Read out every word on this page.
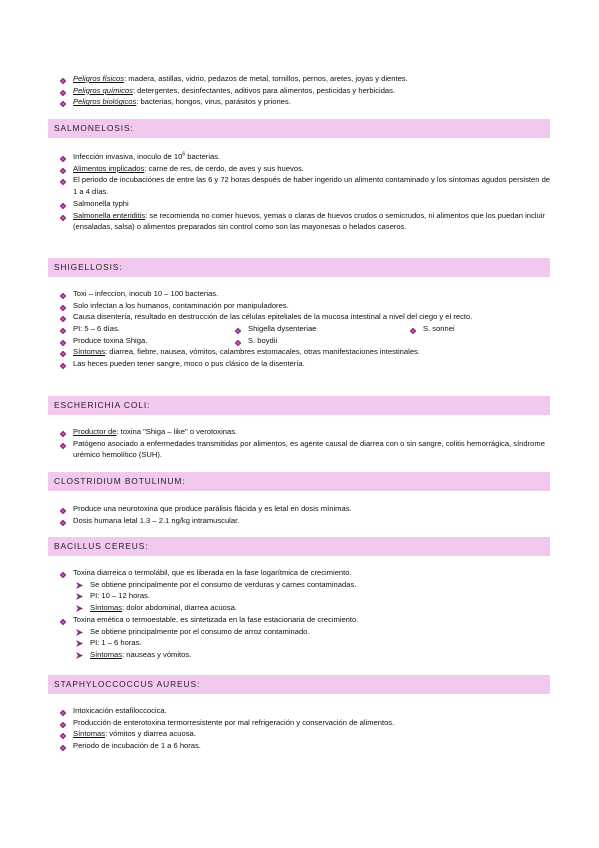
Peligros físicos: madera, astillas, vidrio, pedazos de metal, tornillos, pernos, aretes, joyas y dientes.
Peligros químicos: detergentes, desinfectantes, aditivos para alimentos, pesticidas y herbicidas.
Peligros biológicos: bacterias, hongos, virus, parásitos y priones.
SALMONELOSIS:
Infección invasiva, inoculo de $10^6$ bacterias.
Alimentos implicados: carne de res, de cerdo, de aves y sus huevos.
El periodo de incubaciónes de entre las 6 y 72 horas después de haber ingerido un alimento contaminado y los síntomas agudos persisten de 1 a 4 días.
Salmonella typhi
Salmonella enteriditis: se recomienda no comer huevos, yemas o claras de huevos crudos o semicrudos, ni alimentos que los puedan incluir (ensaladas, salsa) o alimentos preparados sin control como son las mayonesas o helados caseros.
SHIGELLOSIS:
Toxi – infeccion, inocub 10 – 100 bacterias.
Solo infectan a los humanos, contaminación por manipuladores.
Causa disentería, resultado en destrucción de las células epiteliales de la mucosa intestinal a nivel del ciego y el recto.
PI: 5 – 6 días.	Shigella dysenteriae	S. sonnei
Produce toxina Shiga.	S. boydii
Síntomas: diarrea, fiebre, nausea, vómitos, calambres estomacales, otras manifestaciones intestinales.
Las heces pueden tener sangre, moco o pus clásico de la disentería.
ESCHERICHIA COLI:
Productor de: toxina "Shiga – like" o verotoxinas.
Patógeno asociado a enfermedades transmitidas por alimentos, es agente causal de diarrea con o sin sangre, colitis hemorrágica, síndrome urémico hemolítico (SUH).
CLOSTRIDIUM BOTULINUM:
Produce una neurotoxina que produce parálisis flácida y es letal en dosis mínimas.
Dosis humana letal 1.3 – 2.1 ng/kg intramuscular.
BACILLUS CEREUS:
Toxina diarreica o termolábil, que es liberada en la fase logarítmica de crecimiento.
Se obtiene principalmente por el consumo de verduras y carnes contaminadas.
PI: 10 – 12 horas.
Síntomas: dolor abdominal, diarrea acuosa.
Toxina emética o termoestable, es sintetizada en la fase estacionaria de crecimiento.
Se obtiene principalmente por el consumo de arroz contaminado.
PI: 1 – 6 horas.
Síntomas: nauseas y vómitos.
STAPHYLOCCOCCUS AUREUS:
Intoxicación estafiloccocica.
Producción de enterotoxina termorresistente por mal refrigeración y conservación de alimentos.
Síntomas: vómitos y diarrea acuosa.
Periodo de incubación de 1 a 6 horas.
